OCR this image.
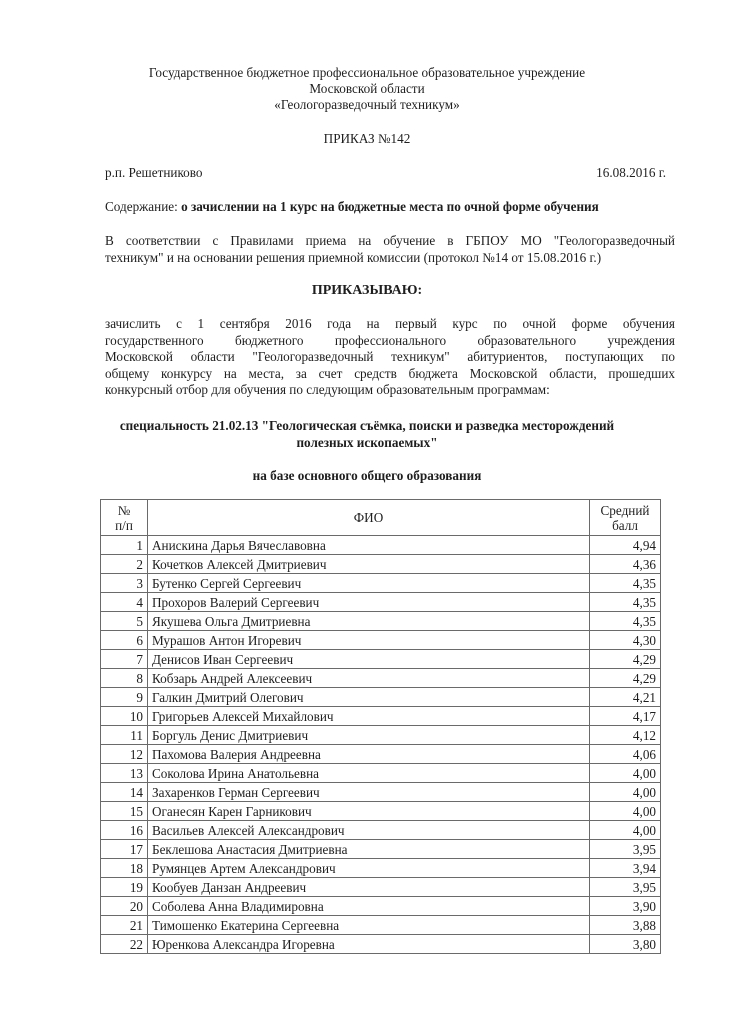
Государственное бюджетное профессиональное образовательное учреждение
Московской области
«Геологоразведочный техникум»
ПРИКАЗ №142
р.п. Решетниково	16.08.2016 г.
Содержание: о зачислении на 1 курс на бюджетные места по очной форме обучения
В соответствии с Правилами приема на обучение в ГБПОУ МО "Геологоразведочный
техникум" и на основании решения приемной комиссии (протокол №14 от 15.08.2016 г.)
ПРИКАЗЫВАЮ:
зачислить с 1 сентября 2016 года на первый курс по очной форме обучения
государственного бюджетного профессионального образовательного учреждения
Московской области "Геологоразведочный техникум" абитуриентов, поступающих по
общему конкурсу на места, за счет средств бюджета Московской области, прошедших
конкурсный отбор для обучения по следующим образовательным программам:
специальность 21.02.13 "Геологическая съёмка, поиски и разведка месторождений
полезных ископаемых"
на базе основного общего образования
№
п/п	ФИО	Средний
балл
1	Анискина Дарья Вячеславовна	4,94
2	Кочетков Алексей Дмитриевич	4,36
3	Бутенко Сергей Сергеевич	4,35
4	Прохоров Валерий Сергеевич	4,35
5	Якушева Ольга Дмитриевна	4,35
6	Мурашов Антон Игоревич	4,30
7	Денисов Иван Сергеевич	4,29
8	Кобзарь Андрей Алексеевич	4,29
9	Галкин Дмитрий Олегович	4,21
10	Григорьев Алексей Михайлович	4,17
11	Боргуль Денис Дмитриевич	4,12
12	Пахомова Валерия Андреевна	4,06
13	Соколова Ирина Анатольевна	4,00
14	Захаренков Герман Сергеевич	4,00
15	Оганесян Карен Гарникович	4,00
16	Васильев Алексей Александрович	4,00
17	Беклешова Анастасия Дмитриевна	3,95
18	Румянцев Артем Александрович	3,94
19	Кообуев Данзан Андреевич	3,95
20	Соболева Анна Владимировна	3,90
21	Тимошенко Екатерина Сергеевна	3,88
22	Юренкова Александра Игоревна	3,80
